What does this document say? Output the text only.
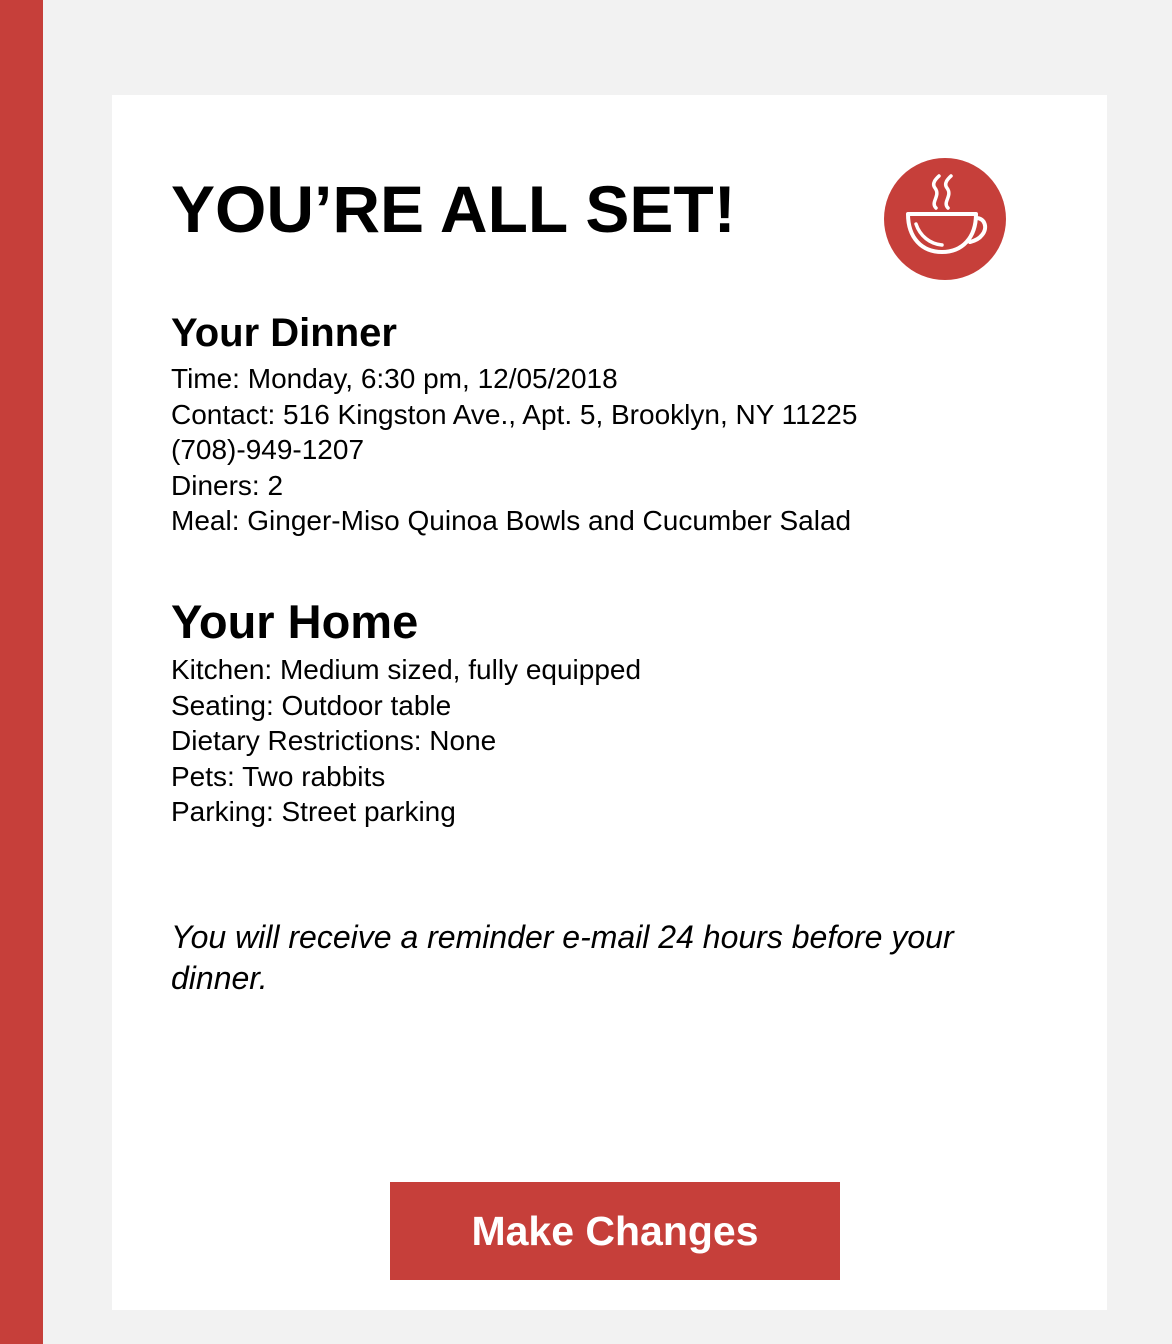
YOU’RE ALL SET!
Your Dinner
Time: Monday, 6:30 pm, 12/05/2018
Contact: 516 Kingston Ave., Apt. 5, Brooklyn, NY 11225
(708)-949-1207
Diners: 2
Meal: Ginger-Miso Quinoa Bowls and Cucumber Salad
Your Home
Kitchen: Medium sized, fully equipped
Seating: Outdoor table
Dietary Restrictions: None
Pets: Two rabbits
Parking: Street parking

You will receive a reminder e-mail 24 hours before your dinner.

Make Changes
